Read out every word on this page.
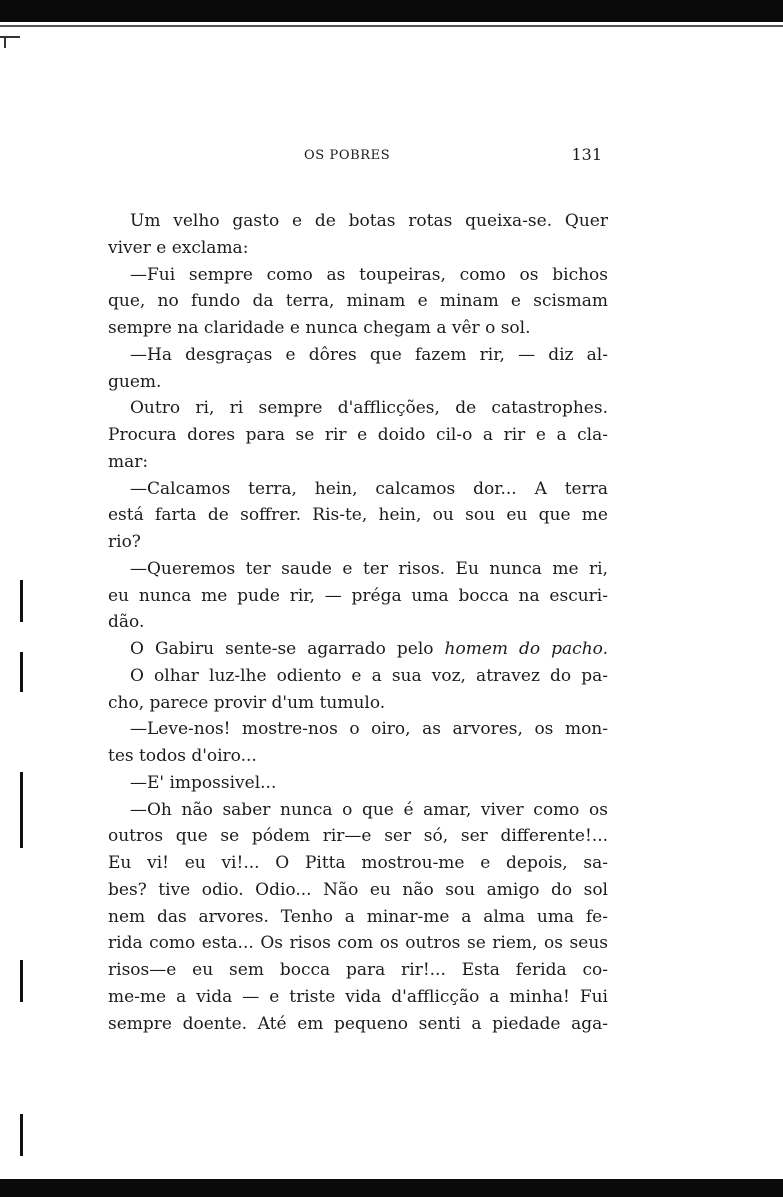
OS POBRES	131
Um velho gasto e de botas rotas queixa-se. Quer
viver e exclama:
—Fui sempre como as toupeiras, como os bichos
que, no fundo da terra, minam e minam e scismam
sempre na claridade e nunca chegam a vêr o sol.
—Ha desgraças e dôres que fazem rir, — diz al-
guem.
Outro ri, ri sempre d'afflicções, de catastrophes.
Procura dores para se rir e doido cil-o a rir e a cla-
mar:
—Calcamos terra, hein, calcamos dor... A terra
está farta de soffrer. Ris-te, hein, ou sou eu que me
rio?
—Queremos ter saude e ter risos. Eu nunca me ri,
eu nunca me pude rir, — préga uma bocca na escuri-
dão.
O Gabiru sente-se agarrado pelo homem do pacho.
O olhar luz-lhe odiento e a sua voz, atravez do pa-
cho, parece provir d'um tumulo.
—Leve-nos! mostre-nos o oiro, as arvores, os mon-
tes todos d'oiro...
—E' impossivel...
—Oh não saber nunca o que é amar, viver como os
outros que se pódem rir—e ser só, ser differente!...
Eu vi! eu vi!... O Pitta mostrou-me e depois, sa-
bes? tive odio. Odio... Não eu não sou amigo do sol
nem das arvores. Tenho a minar-me a alma uma fe-
rida como esta... Os risos com os outros se riem, os seus
risos—e eu sem bocca para rir!... Esta ferida co-
me-me a vida — e triste vida d'afflicção a minha! Fui
sempre doente. Até em pequeno senti a piedade aga-
